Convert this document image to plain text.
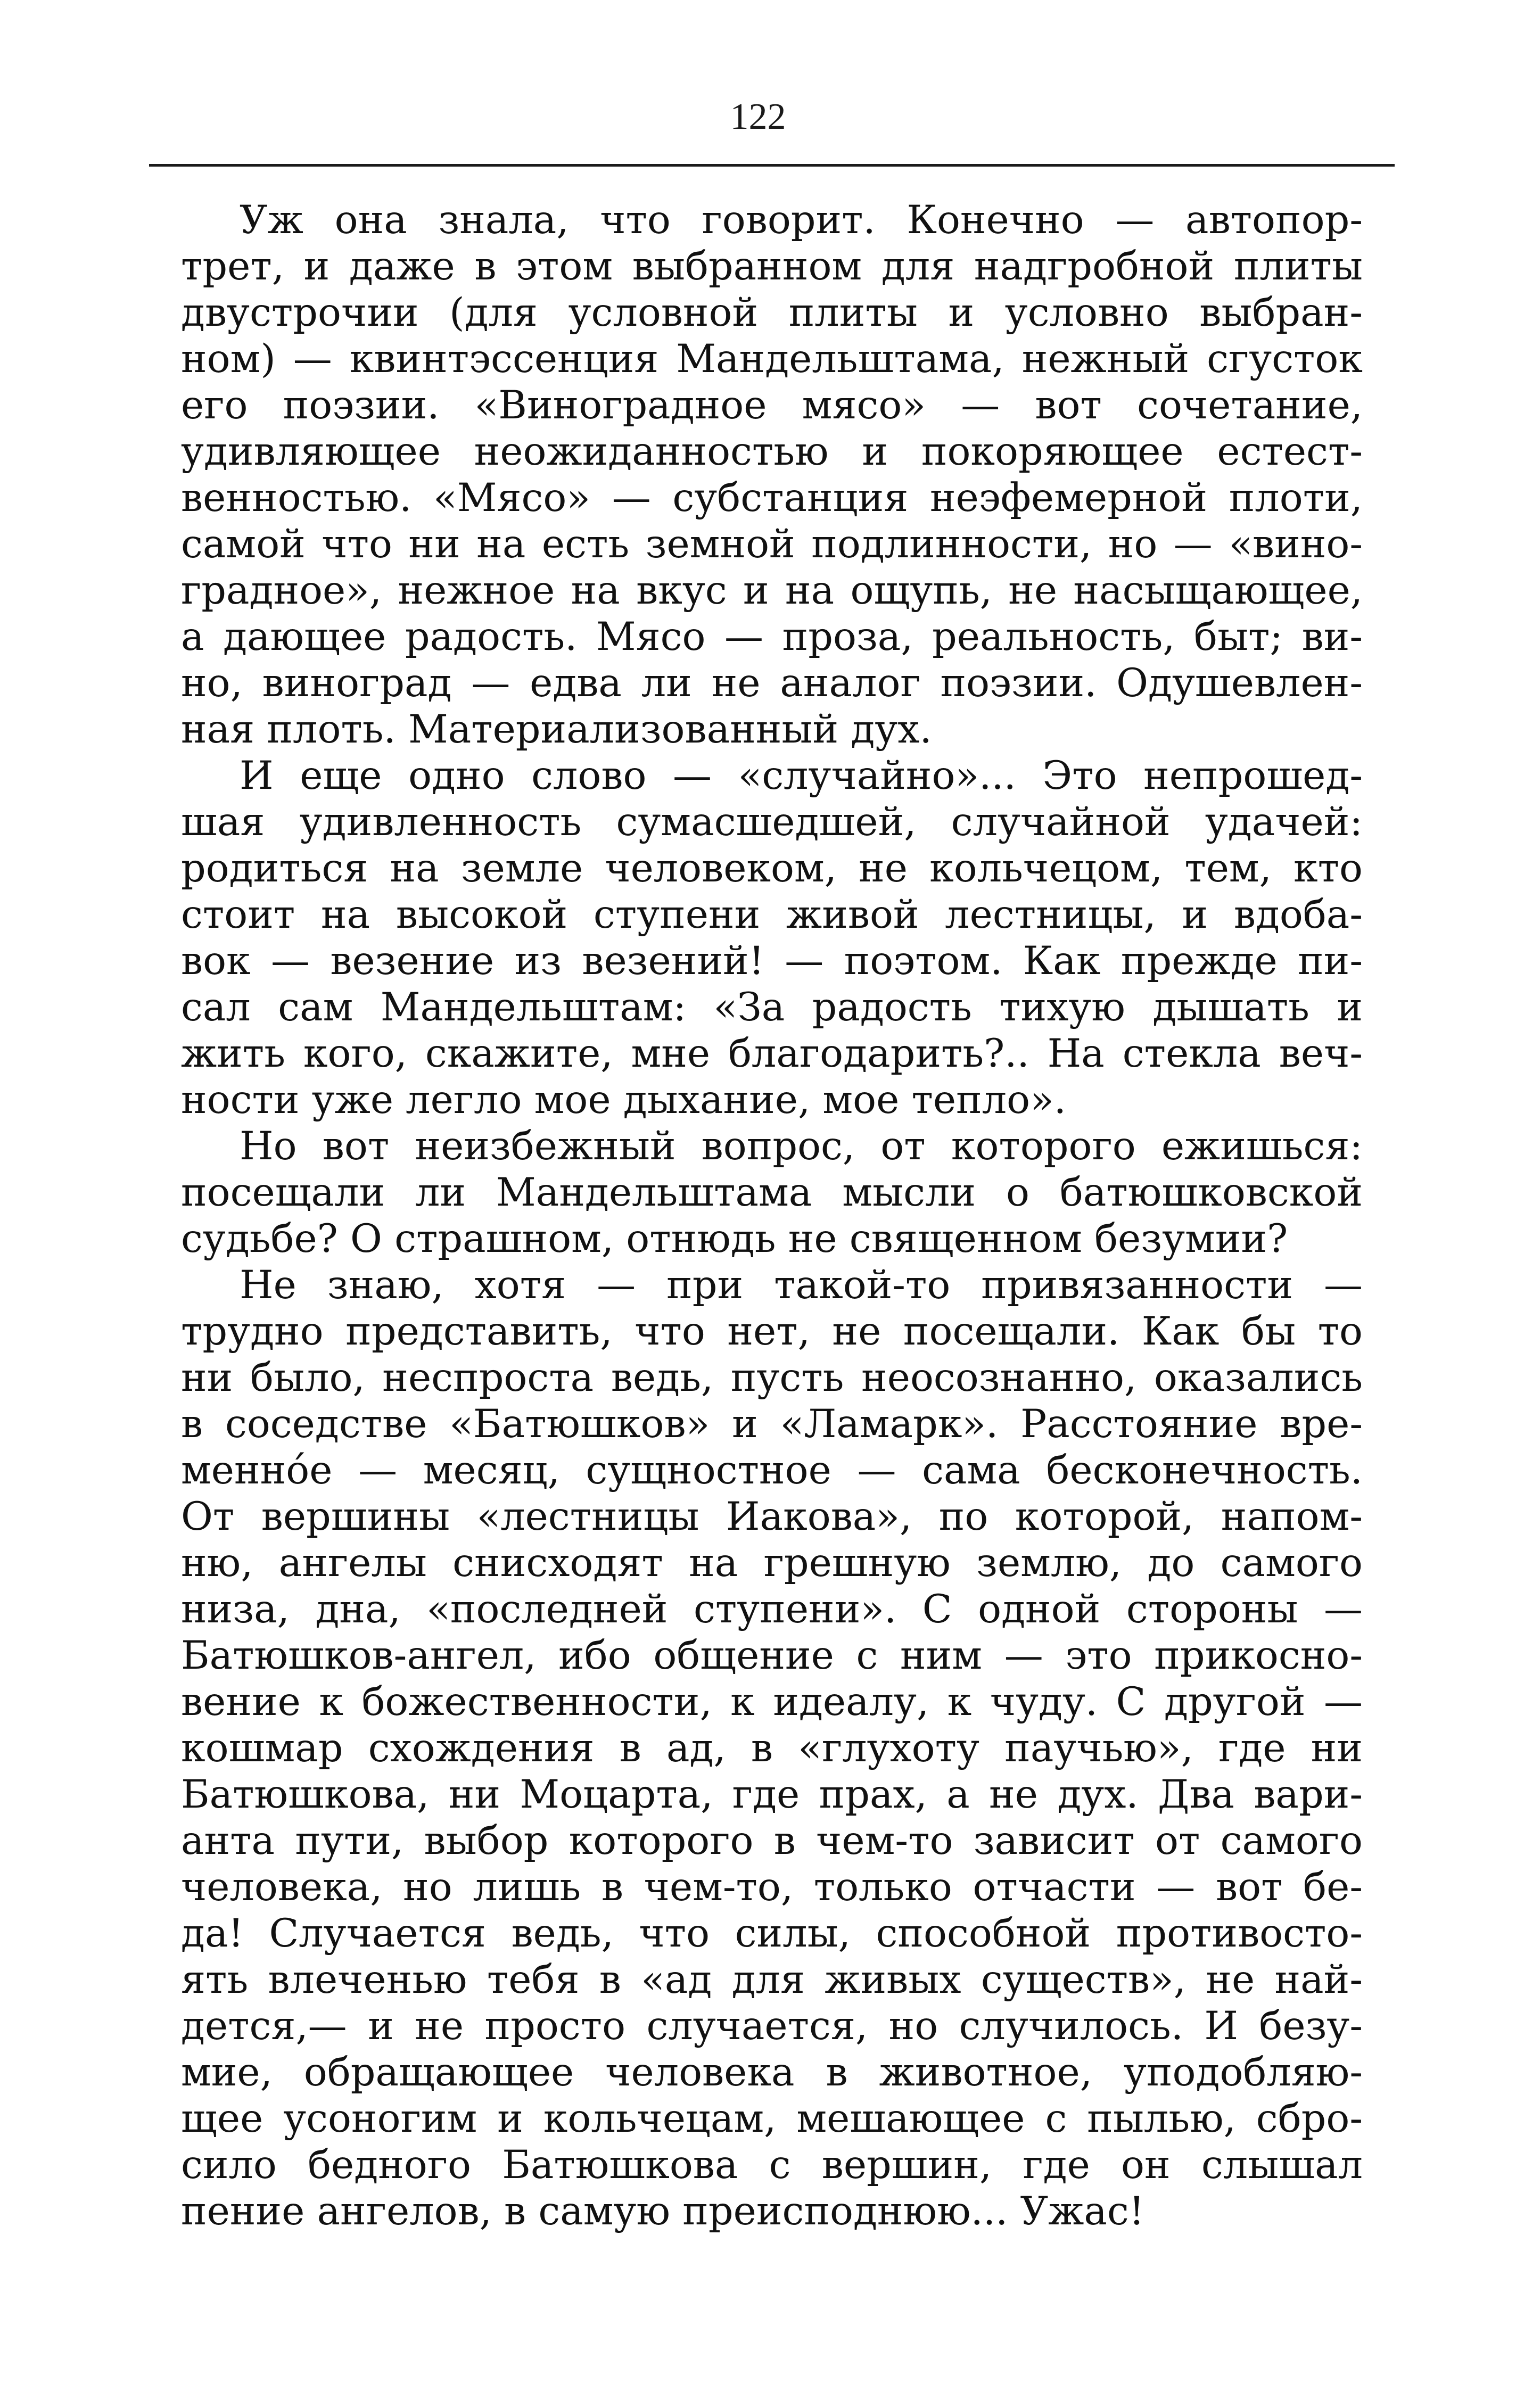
122
Уж она знала, что говорит. Конечно — автопор-
трет, и даже в этом выбранном для надгробной плиты
двустрочии (для условной плиты и условно выбран-
ном) — квинтэссенция Мандельштама, нежный сгусток
его поэзии. «Виноградное мясо» — вот сочетание,
удивляющее неожиданностью и покоряющее естест-
венностью. «Мясо» — субстанция неэфемерной плоти,
самой что ни на есть земной подлинности, но — «вино-
градное», нежное на вкус и на ощупь, не насыщающее,
а дающее радость. Мясо — проза, реальность, быт; ви-
но, виноград — едва ли не аналог поэзии. Одушевлен-
ная плоть. Материализованный дух.
И еще одно слово — «случайно»... Это непрошед-
шая удивленность сумасшедшей, случайной удачей:
родиться на земле человеком, не кольчецом, тем, кто
стоит на высокой ступени живой лестницы, и вдоба-
вок — везение из везений! — поэтом. Как прежде пи-
сал сам Мандельштам: «За радость тихую дышать и
жить кого, скажите, мне благодарить?.. На стекла веч-
ности уже легло мое дыхание, мое тепло».
Но вот неизбежный вопрос, от которого ежишься:
посещали ли Мандельштама мысли о батюшковской
судьбе? О страшном, отнюдь не священном безумии?
Не знаю, хотя — при такой-то привязанности —
трудно представить, что нет, не посещали. Как бы то
ни было, неспроста ведь, пусть неосознанно, оказались
в соседстве «Батюшков» и «Ламарк». Расстояние вре-
менно́е — месяц, сущностное — сама бесконечность.
От вершины «лестницы Иакова», по которой, напом-
ню, ангелы снисходят на грешную землю, до самого
низа, дна, «последней ступени». С одной стороны —
Батюшков-ангел, ибо общение с ним — это прикосно-
вение к божественности, к идеалу, к чуду. С другой —
кошмар схождения в ад, в «глухоту паучью», где ни
Батюшкова, ни Моцарта, где прах, а не дух. Два вари-
анта пути, выбор которого в чем-то зависит от самого
человека, но лишь в чем-то, только отчасти — вот бе-
да! Случается ведь, что силы, способной противосто-
ять влеченью тебя в «ад для живых существ», не най-
дется,— и не просто случается, но случилось. И безу-
мие, обращающее человека в животное, уподобляю-
щее усоногим и кольчецам, мешающее с пылью, сбро-
сило бедного Батюшкова с вершин, где он слышал
пение ангелов, в самую преисподнюю... Ужас!
